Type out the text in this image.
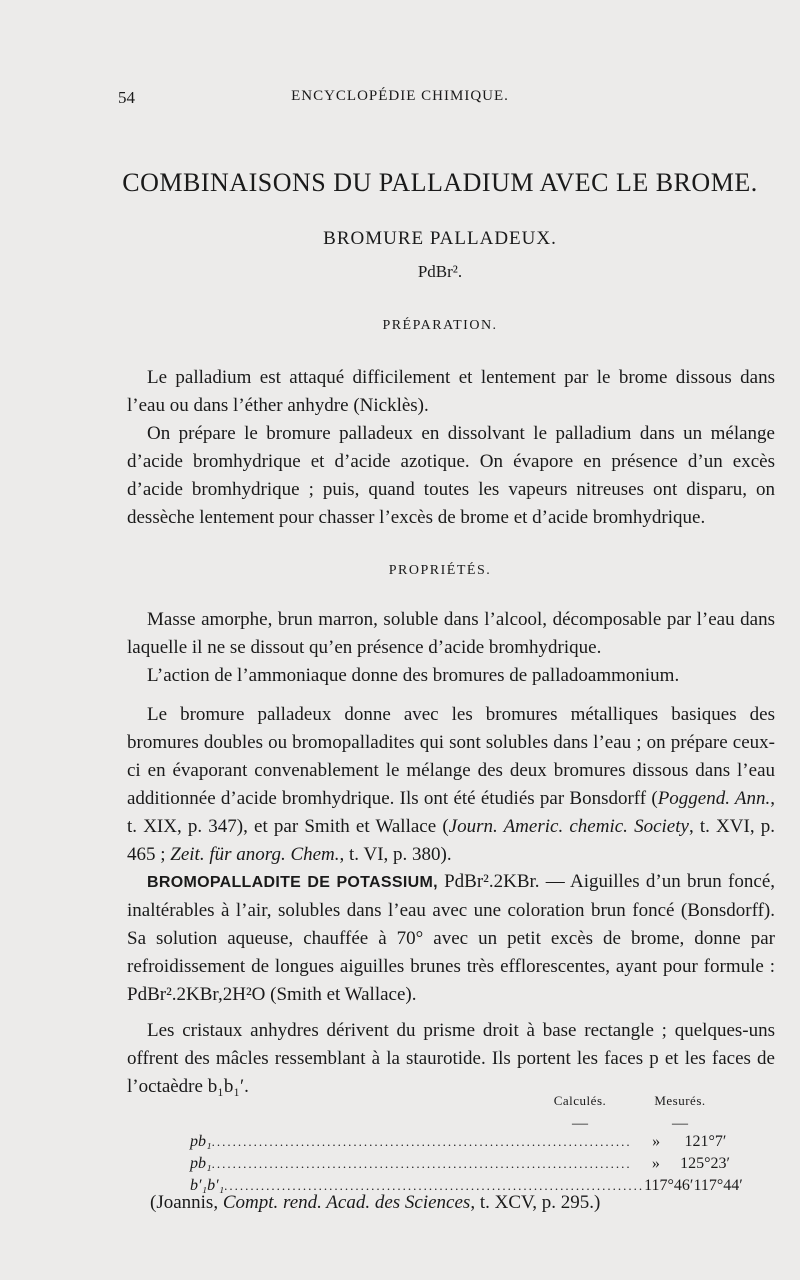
54	ENCYCLOPÉDIE CHIMIQUE.
COMBINAISONS DU PALLADIUM AVEC LE BROME.
BROMURE PALLADEUX.
PdBr².
PRÉPARATION.

Le palladium est attaqué difficilement et lentement par le brome dissous dans l’eau ou dans l’éther anhydre (Nicklès).

On prépare le bromure palladeux en dissolvant le palladium dans un mélange d’acide bromhydrique et d’acide azotique. On évapore en présence d’un excès d’acide bromhydrique ; puis, quand toutes les vapeurs nitreuses ont disparu, on dessèche lentement pour chasser l’excès de brome et d’acide bromhydrique.

PROPRIÉTÉS.

Masse amorphe, brun marron, soluble dans l’alcool, décomposable par l’eau dans laquelle il ne se dissout qu’en présence d’acide bromhydrique.

L’action de l’ammoniaque donne des bromures de palladoammonium.

Le bromure palladeux donne avec les bromures métalliques basiques des bromures doubles ou bromopalladites qui sont solubles dans l’eau ; on prépare ceux-ci en évaporant convenablement le mélange des deux bromures dissous dans l’eau additionnée d’acide bromhydrique. Ils ont été étudiés par Bonsdorff (Poggend. Ann., t. XIX, p. 347), et par Smith et Wallace (Journ. Americ. chemic. Society, t. XVI, p. 465 ; Zeit. für anorg. Chem., t. VI, p. 380).

BROMOPALLADITE DE POTASSIUM, PdBr².2KBr. — Aiguilles d’un brun foncé, inaltérables à l’air, solubles dans l’eau avec une coloration brun foncé (Bonsdorff). Sa solution aqueuse, chauffée à 70° avec un petit excès de brome, donne par refroidissement de longues aiguilles brunes très efflorescentes, ayant pour formule : PdBr².2KBr,2H²O (Smith et Wallace).

Les cristaux anhydres dérivent du prisme droit à base rectangle ; quelques-uns offrent des mâcles ressemblant à la staurotide. Ils portent les faces p et les faces de l’octaèdre b₁b₁′.

Calculés.	Mesurés.
—	—
pb₁ ................................................................................	»	121°7′
pb₁ ................................................................................	»	125°23′
b′₁b′₁ ................................................................................ 117°46′ 117°44′
(Joannis, Compt. rend. Acad. des Sciences, t. XCV, p. 295.)
